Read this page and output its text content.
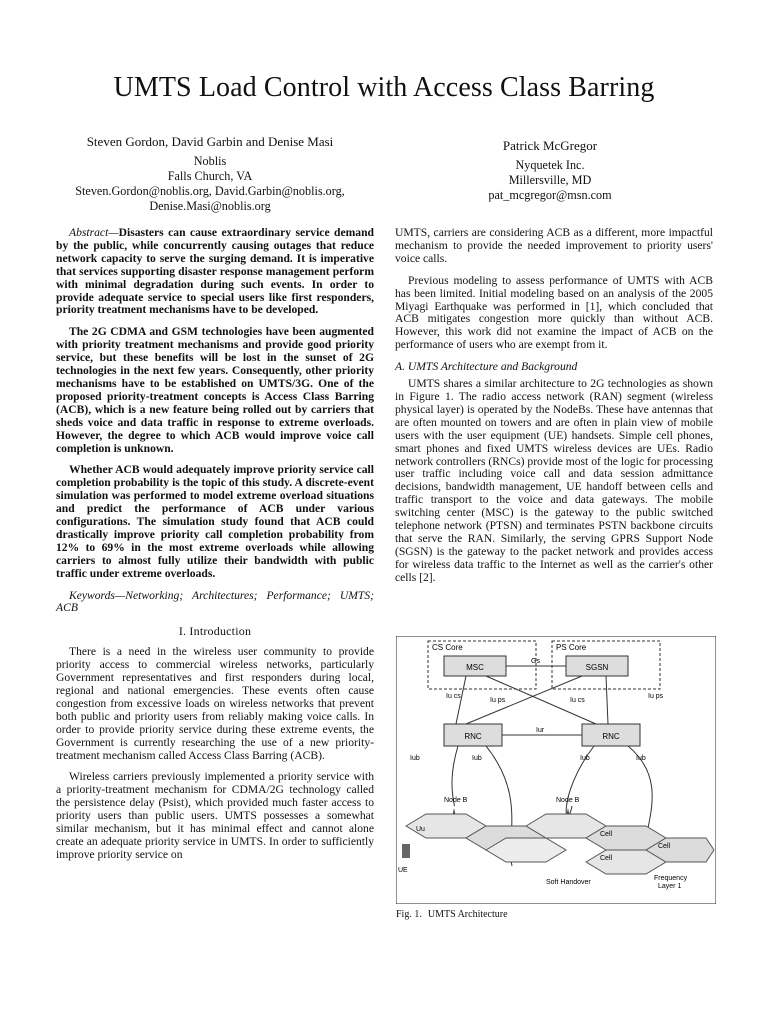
UMTS Load Control with Access Class Barring
Steven Gordon, David Garbin and Denise Masi
Noblis
Falls Church, VA
Steven.Gordon@noblis.org, David.Garbin@noblis.org,
Denise.Masi@noblis.org
Patrick McGregor
Nyquetek Inc.
Millersville, MD
pat_mcgregor@msn.com

Abstract—Disasters can cause extraordinary service demand by the public, while concurrently causing outages that reduce network capacity to serve the surging demand. It is imperative that services supporting disaster response management perform with minimal degradation during such events. In order to provide adequate service to special users like first responders, priority treatment mechanisms have to be developed.

The 2G CDMA and GSM technologies have been augmented with priority treatment mechanisms and provide good priority service, but these benefits will be lost in the sunset of 2G technologies in the next few years. Consequently, other priority mechanisms have to be established on UMTS/3G. One of the proposed priority-treatment concepts is Access Class Barring (ACB), which is a new feature being rolled out by carriers that sheds voice and data traffic in response to extreme overloads. However, the degree to which ACB would improve voice call completion is unknown.

Whether ACB would adequately improve priority service call completion probability is the topic of this study. A discrete-event simulation was performed to model extreme overload situations and predict the performance of ACB under various configurations. The simulation study found that ACB could drastically improve priority call completion probability from 12% to 69% in the most extreme overloads while allowing carriers to almost fully utilize their bandwidth with public traffic under extreme overloads.

Keywords—Networking; Architectures; Performance; UMTS; ACB

I. Introduction

There is a need in the wireless user community to provide priority access to commercial wireless networks, particularly Government representatives and first responders during local, regional and national emergencies. These events often cause congestion from excessive loads on wireless networks that prevent both public and priority users from reliably making voice calls. In order to provide priority service during these extreme events, the Government is currently researching the use of a new priority-treatment mechanism called Access Class Barring (ACB).

Wireless carriers previously implemented a priority service with a priority-treatment mechanism for CDMA/2G technology called the persistence delay (Psist), which provided much faster access to priority users than public users. UMTS possesses a somewhat similar mechanism, but it has minimal effect and cannot alone create an adequate priority service in UMTS. In order to sufficiently improve priority service on

UMTS, carriers are considering ACB as a different, more impactful mechanism to provide the needed improvement to priority users' voice calls.

Previous modeling to assess performance of UMTS with ACB has been limited. Initial modeling based on an analysis of the 2005 Miyagi Earthquake was performed in [1], which concluded that ACB mitigates congestion more quickly than without ACB. However, this work did not examine the impact of ACB on the performance of users who are exempt from it.

A. UMTS Architecture and Background

UMTS shares a similar architecture to 2G technologies as shown in Figure 1. The radio access network (RAN) segment (wireless physical layer) is operated by the NodeBs. These have antennas that are often mounted on towers and are often in plain view of mobile users with the user equipment (UE) handsets. Simple cell phones, smart phones and fixed UMTS wireless devices are UEs. Radio network controllers (RNCs) provide most of the logic for processing user traffic including voice call and data session admittance decisions, bandwidth management, UE handoff between cells and traffic transport to the voice and data gateways. The mobile switching center (MSC) is the gateway to the public switched telephone network (PTSN) and terminates PSTN backbone circuits that serve the RAN. Similarly, the serving GPRS Support Node (SGSN) is the gateway to the packet network and provides access for wireless data traffic to the Internet as well as the carrier's other cells [2].

CS Core	PS Core
MSC	SGSN
Gs
Iu cs
Iu ps	Iu cs
Iu ps
RNC	RNC
Iur
Iub	Iub	Iub	Iub
Node B	Node B
Uu
UE
Cell
Cell
Cell
Soft Handover
Frequency
Layer 1
Fig. 1. UMTS Architecture
